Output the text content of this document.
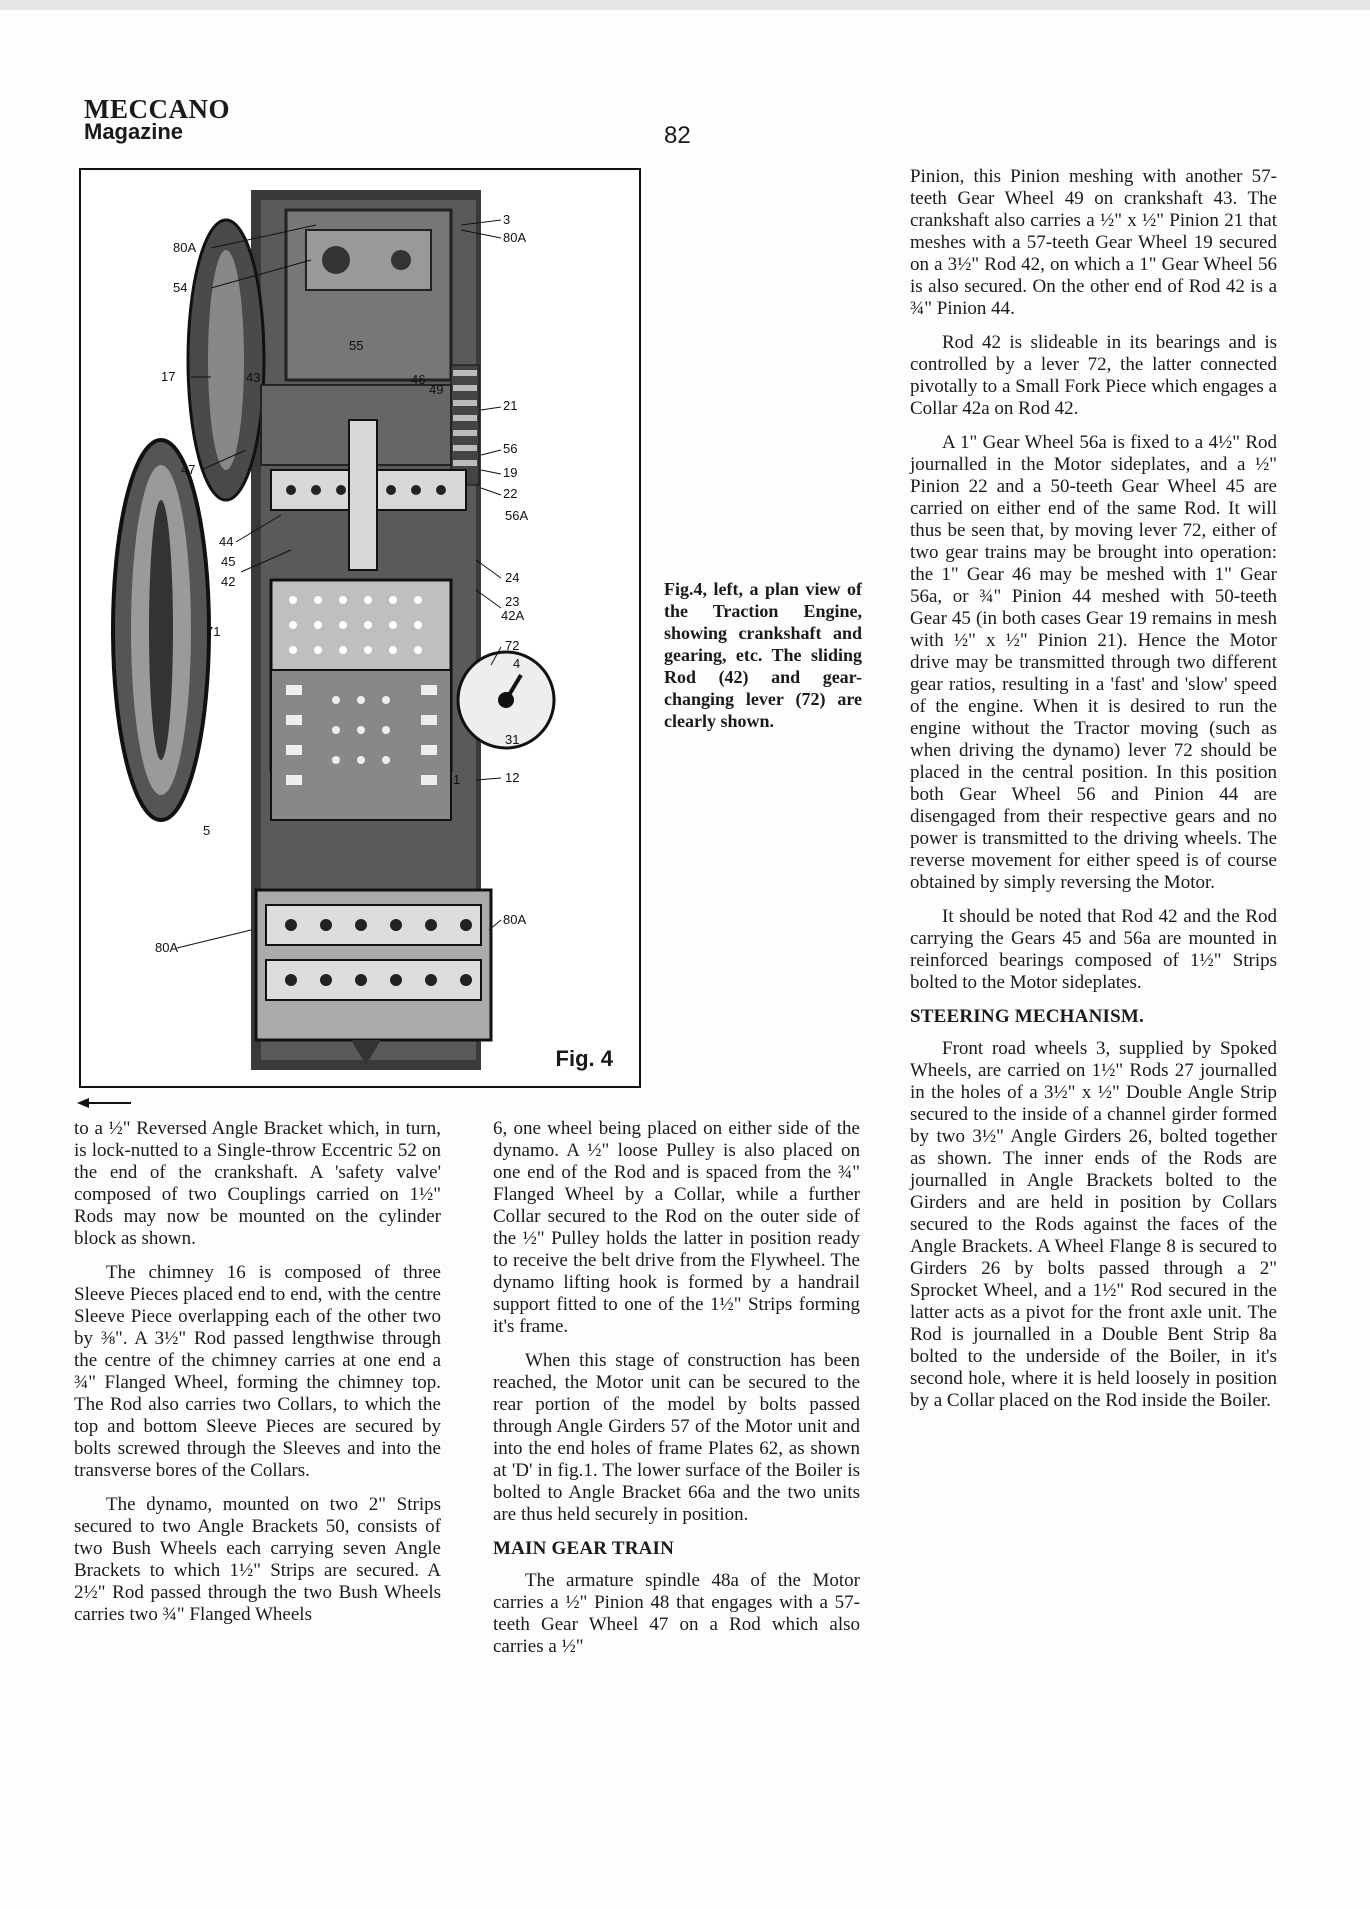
MECCANO
Magazine	82
3
80A
80A
54
17	43
55
46
49
21
47
56
19
22
56A
44
45
42	24
23
42A
71
72
4
31
12
1
5
80A
80A
Fig. 4
Fig.4, left, a plan view of the Traction Engine, showing crankshaft and gearing, etc. The sliding Rod (42) and gear-changing lever (72) are clearly shown.

to a ½" Reversed Angle Bracket which, in turn, is lock-nutted to a Single-throw Eccentric 52 on the end of the crankshaft. A 'safety valve' composed of two Couplings carried on 1½" Rods may now be mounted on the cylinder block as shown.

The chimney 16 is composed of three Sleeve Pieces placed end to end, with the centre Sleeve Piece overlapping each of the other two by ⅜". A 3½" Rod passed lengthwise through the centre of the chimney carries at one end a ¾" Flanged Wheel, forming the chimney top. The Rod also carries two Collars, to which the top and bottom Sleeve Pieces are secured by bolts screwed through the Sleeves and into the transverse bores of the Collars.

The dynamo, mounted on two 2" Strips secured to two Angle Brackets 50, consists of two Bush Wheels each carrying seven Angle Brackets to which 1½" Strips are secured. A 2½" Rod passed through the two Bush Wheels carries two ¾" Flanged Wheels

6, one wheel being placed on either side of the dynamo. A ½" loose Pulley is also placed on one end of the Rod and is spaced from the ¾" Flanged Wheel by a Collar, while a further Collar secured to the Rod on the outer side of the ½" Pulley holds the latter in position ready to receive the belt drive from the Flywheel. The dynamo lifting hook is formed by a handrail support fitted to one of the 1½" Strips forming it's frame.

When this stage of construction has been reached, the Motor unit can be secured to the rear portion of the model by bolts passed through Angle Girders 57 of the Motor unit and into the end holes of frame Plates 62, as shown at 'D' in fig.1. The lower surface of the Boiler is bolted to Angle Bracket 66a and the two units are thus held securely in position.

MAIN GEAR TRAIN

The armature spindle 48a of the Motor carries a ½" Pinion 48 that engages with a 57-teeth Gear Wheel 47 on a Rod which also carries a ½"

Pinion, this Pinion meshing with another 57-teeth Gear Wheel 49 on crankshaft 43. The crankshaft also carries a ½" x ½" Pinion 21 that meshes with a 57-teeth Gear Wheel 19 secured on a 3½" Rod 42, on which a 1" Gear Wheel 56 is also secured. On the other end of Rod 42 is a ¾" Pinion 44.

Rod 42 is slideable in its bearings and is controlled by a lever 72, the latter connected pivotally to a Small Fork Piece which engages a Collar 42a on Rod 42.

A 1" Gear Wheel 56a is fixed to a 4½" Rod journalled in the Motor sideplates, and a ½" Pinion 22 and a 50-teeth Gear Wheel 45 are carried on either end of the same Rod. It will thus be seen that, by moving lever 72, either of two gear trains may be brought into operation: the 1" Gear 46 may be meshed with 1" Gear 56a, or ¾" Pinion 44 meshed with 50-teeth Gear 45 (in both cases Gear 19 remains in mesh with ½" x ½" Pinion 21). Hence the Motor drive may be transmitted through two different gear ratios, resulting in a 'fast' and 'slow' speed of the engine. When it is desired to run the engine without the Tractor moving (such as when driving the dynamo) lever 72 should be placed in the central position. In this position both Gear Wheel 56 and Pinion 44 are disengaged from their respective gears and no power is transmitted to the driving wheels. The reverse movement for either speed is of course obtained by simply reversing the Motor.

It should be noted that Rod 42 and the Rod carrying the Gears 45 and 56a are mounted in reinforced bearings composed of 1½" Strips bolted to the Motor sideplates.

STEERING MECHANISM.

Front road wheels 3, supplied by Spoked Wheels, are carried on 1½" Rods 27 journalled in the holes of a 3½" x ½" Double Angle Strip secured to the inside of a channel girder formed by two 3½" Angle Girders 26, bolted together as shown. The inner ends of the Rods are journalled in Angle Brackets bolted to the Girders and are held in position by Collars secured to the Rods against the faces of the Angle Brackets. A Wheel Flange 8 is secured to Girders 26 by bolts passed through a 2" Sprocket Wheel, and a 1½" Rod secured in the latter acts as a pivot for the front axle unit. The Rod is journalled in a Double Bent Strip 8a bolted to the underside of the Boiler, in it's second hole, where it is held loosely in position by a Collar placed on the Rod inside the Boiler.
